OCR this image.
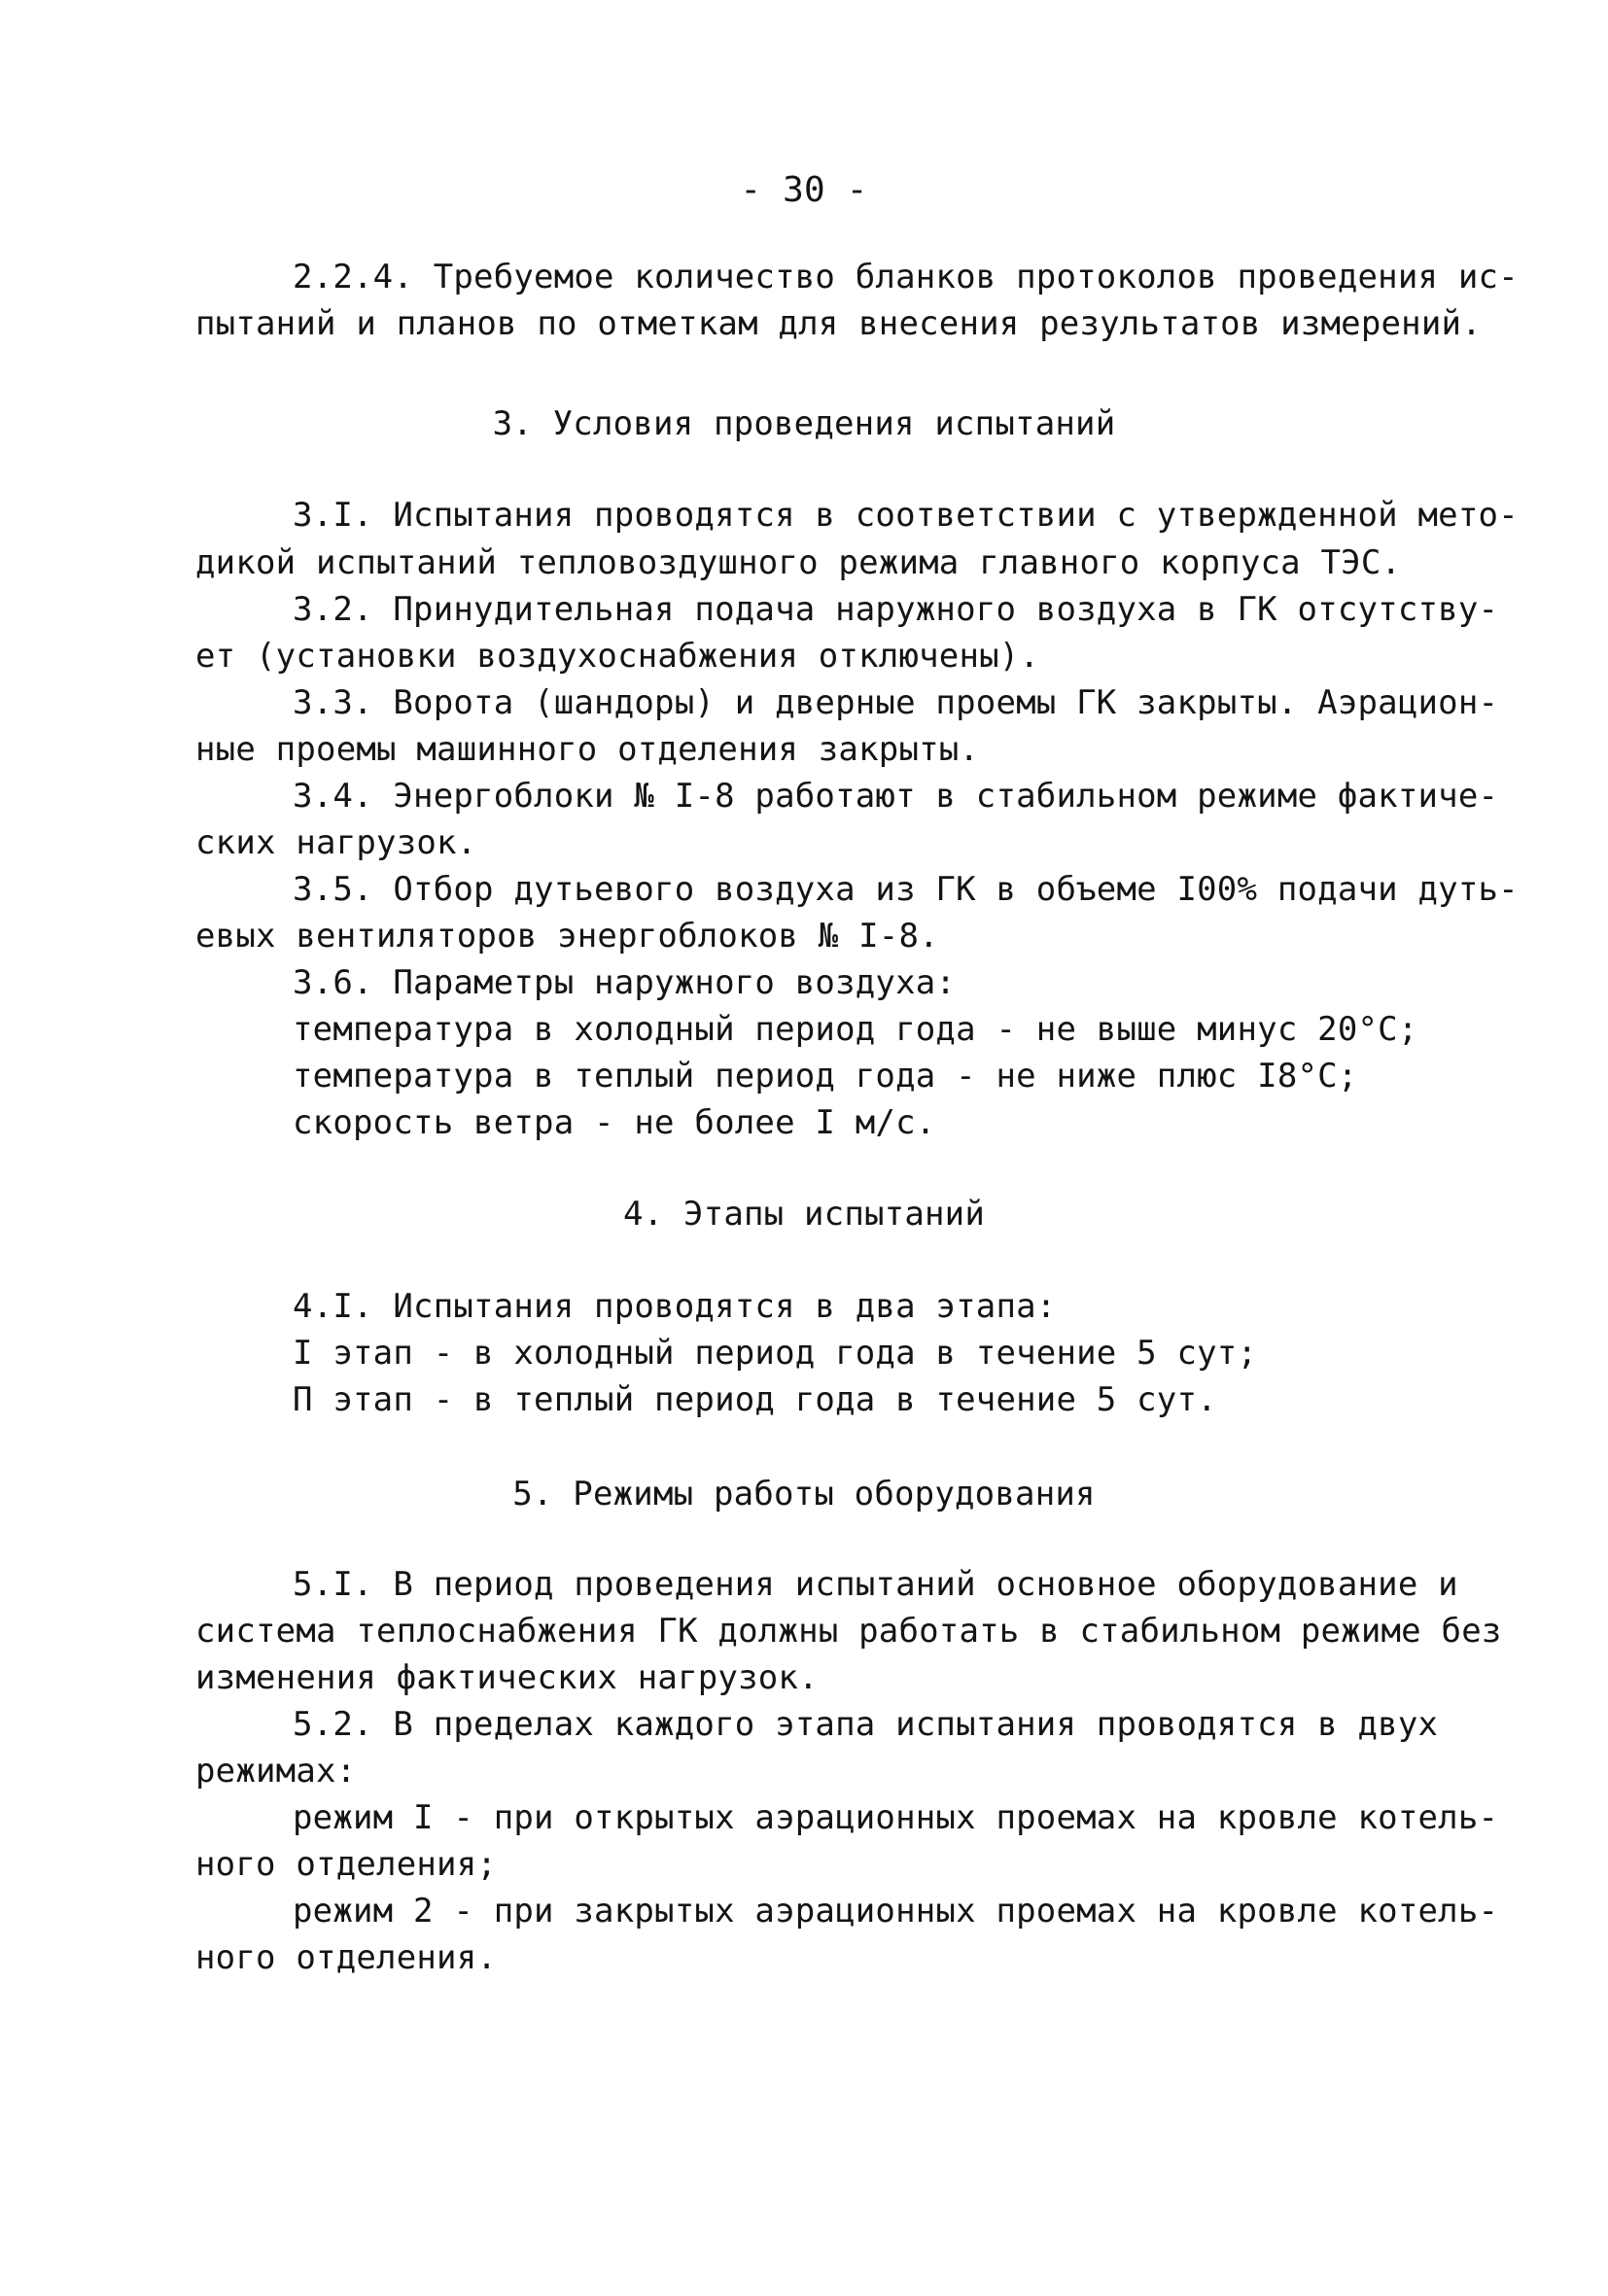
- 30 -
2.2.4. Требуемое количество бланков протоколов проведения ис-
пытаний и планов по отметкам для внесения результатов измерений.
3. Условия проведения испытаний
3.I. Испытания проводятся в соответствии с утвержденной мето-
дикой испытаний тепловоздушного режима главного корпуса ТЭС.
3.2. Принудительная подача наружного воздуха в ГК отсутству-
ет (установки воздухоснабжения отключены).
3.3. Ворота (шандоры) и дверные проемы ГК закрыты. Аэрацион-
ные проемы машинного отделения закрыты.
3.4. Энергоблоки № I-8 работают в стабильном режиме фактиче-
ских нагрузок.
3.5. Отбор дутьевого воздуха из ГК в объеме I00% подачи дуть-
евых вентиляторов энергоблоков № I-8.
3.6. Параметры наружного воздуха:
температура в холодный период года - не выше минус 20°С;
температура в теплый период года - не ниже плюс I8°С;
скорость ветра - не более I м/с.
4. Этапы испытаний
4.I. Испытания проводятся в два этапа:
I этап - в холодный период года в течение 5 сут;
П этап - в теплый период года в течение 5 сут.
5. Режимы работы оборудования
5.I. В период проведения испытаний основное оборудование и
система теплоснабжения ГК должны работать в стабильном режиме без
изменения фактических нагрузок.
5.2. В пределах каждого этапа испытания проводятся в двух
режимах:
режим I - при открытых аэрационных проемах на кровле котель-
ного отделения;
режим 2 - при закрытых аэрационных проемах на кровле котель-
ного отделения.
